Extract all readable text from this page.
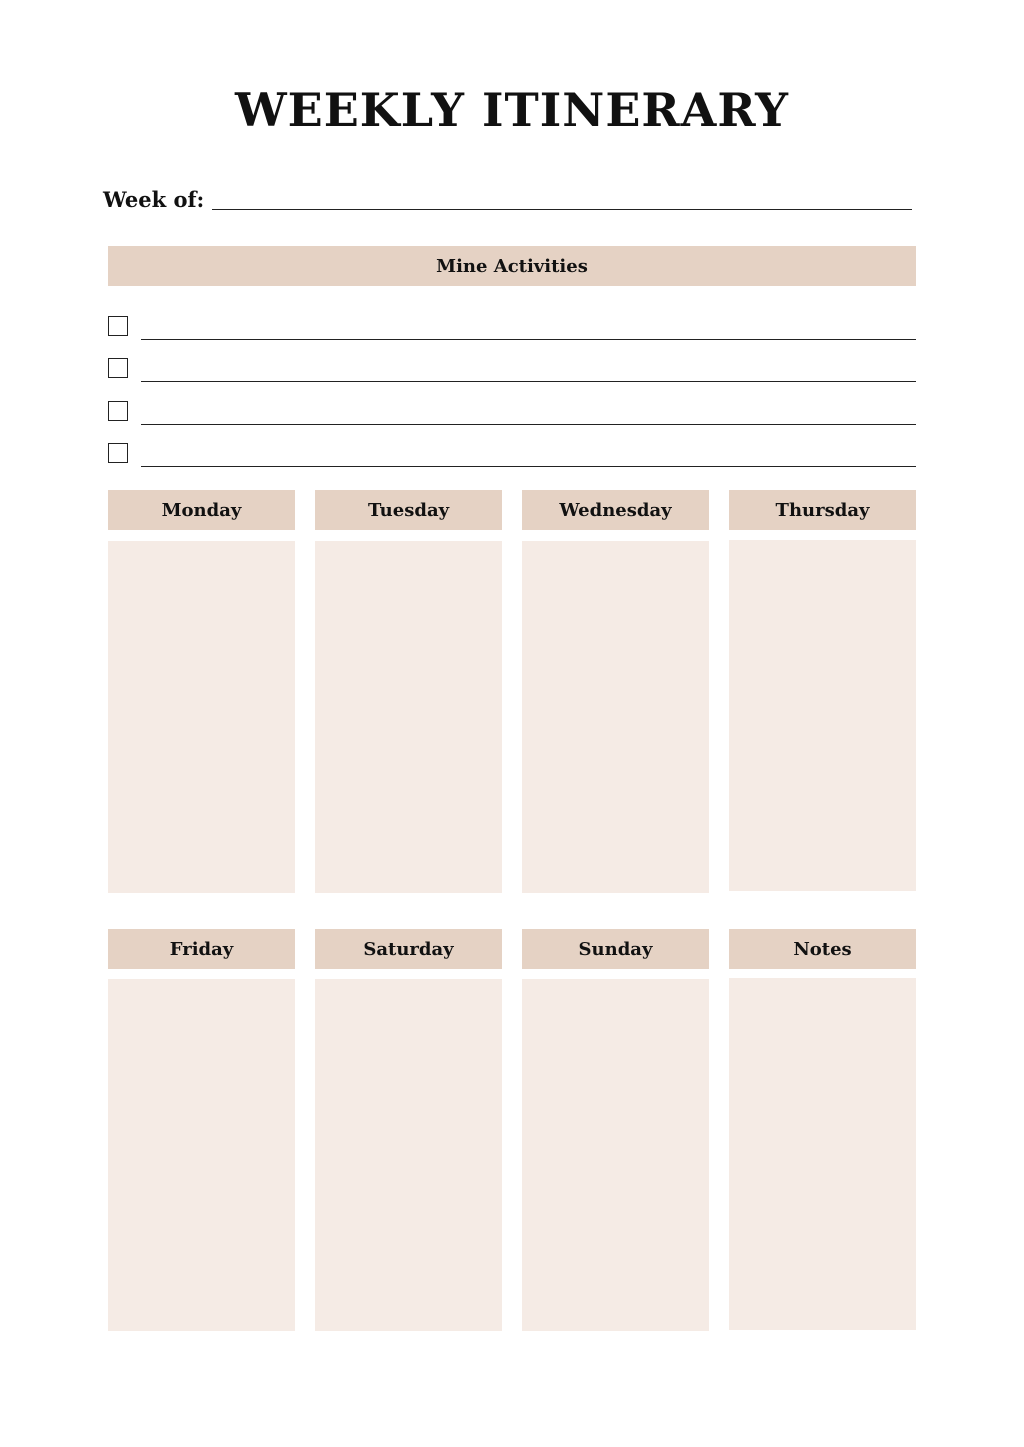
WEEKLY ITINERARY
Week of:
Mine Activities
Monday	Tuesday	Wednesday	Thursday
Friday	Saturday	Sunday	Notes
